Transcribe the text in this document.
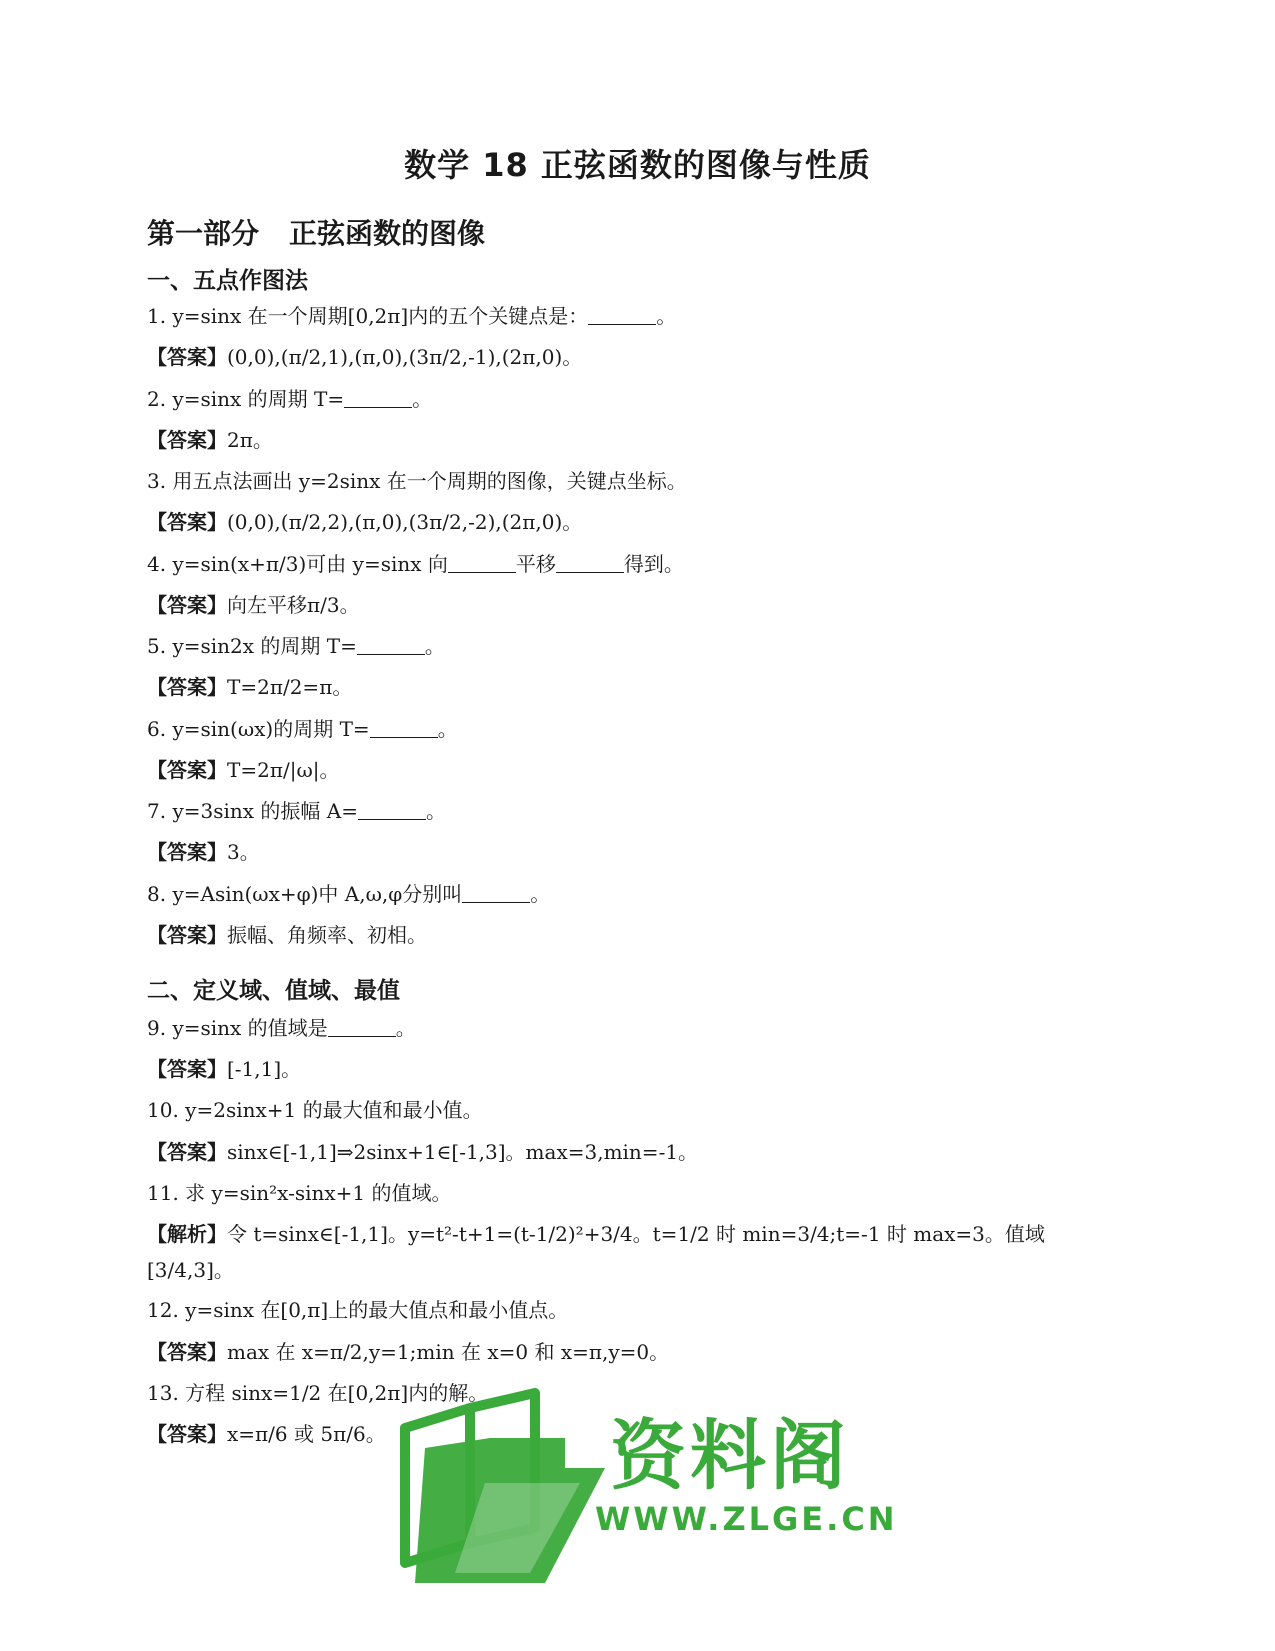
数学 18 正弦函数的图像与性质
第一部分 正弦函数的图像
一、五点作图法
1. y=sinx 在一个周期[0,2π]内的五个关键点是：	。
【答案】(0,0),(π/2,1),(π,0),(3π/2,-1),(2π,0)。
2. y=sinx 的周期 T=	。
【答案】2π。
3. 用五点法画出 y=2sinx 在一个周期的图像，关键点坐标。
【答案】(0,0),(π/2,2),(π,0),(3π/2,-2),(2π,0)。
4. y=sin(x+π/3)可由 y=sinx 向	平移	得到。
【答案】向左平移π/3。
5. y=sin2x 的周期 T=	。
【答案】T=2π/2=π。
6. y=sin(ωx)的周期 T=	。
【答案】T=2π/|ω|。
7. y=3sinx 的振幅 A=	。
【答案】3。
8. y=Asin(ωx+φ)中 A,ω,φ分别叫	。
【答案】振幅、角频率、初相。
二、定义域、值域、最值
9. y=sinx 的值域是	。
【答案】[-1,1]。
10. y=2sinx+1 的最大值和最小值。
【答案】sinx∈[-1,1]⇒2sinx+1∈[-1,3]。max=3,min=-1。
11. 求 y=sin²x-sinx+1 的值域。
【解析】令 t=sinx∈[-1,1]。y=t²-t+1=(t-1/2)²+3/4。t=1/2 时 min=3/4;t=-1 时 max=3。值域[3/4,3]。
12. y=sinx 在[0,π]上的最大值点和最小值点。
【答案】max 在 x=π/2,y=1;min 在 x=0 和 x=π,y=0。
13. 方程 sinx=1/2 在[0,2π]内的解。
【答案】x=π/6 或 5π/6。	资料阁
WWW.ZLGE.CN
